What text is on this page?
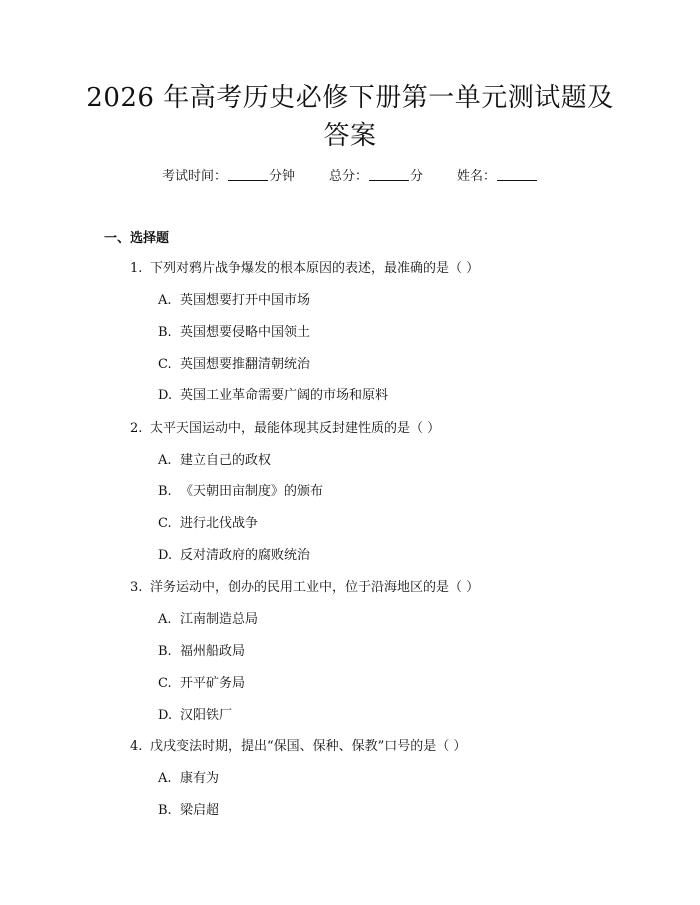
2026 年高考历史必修下册第一单元测试题及
答案
考试时间：	分钟	总分：	分	姓名：
一、选择题
1. 下列对鸦片战争爆发的根本原因的表述，最准确的是（ ）
A. 英国想要打开中国市场
B. 英国想要侵略中国领土
C. 英国想要推翻清朝统治
D. 英国工业革命需要广阔的市场和原料
2. 太平天国运动中，最能体现其反封建性质的是（ ）
A. 建立自己的政权
B. 《天朝田亩制度》的颁布
C. 进行北伐战争
D. 反对清政府的腐败统治
3. 洋务运动中，创办的民用工业中，位于沿海地区的是（ ）
A. 江南制造总局
B. 福州船政局
C. 开平矿务局
D. 汉阳铁厂
4. 戊戌变法时期，提出“保国、保种、保教”口号的是（ ）
A. 康有为
B. 梁启超
